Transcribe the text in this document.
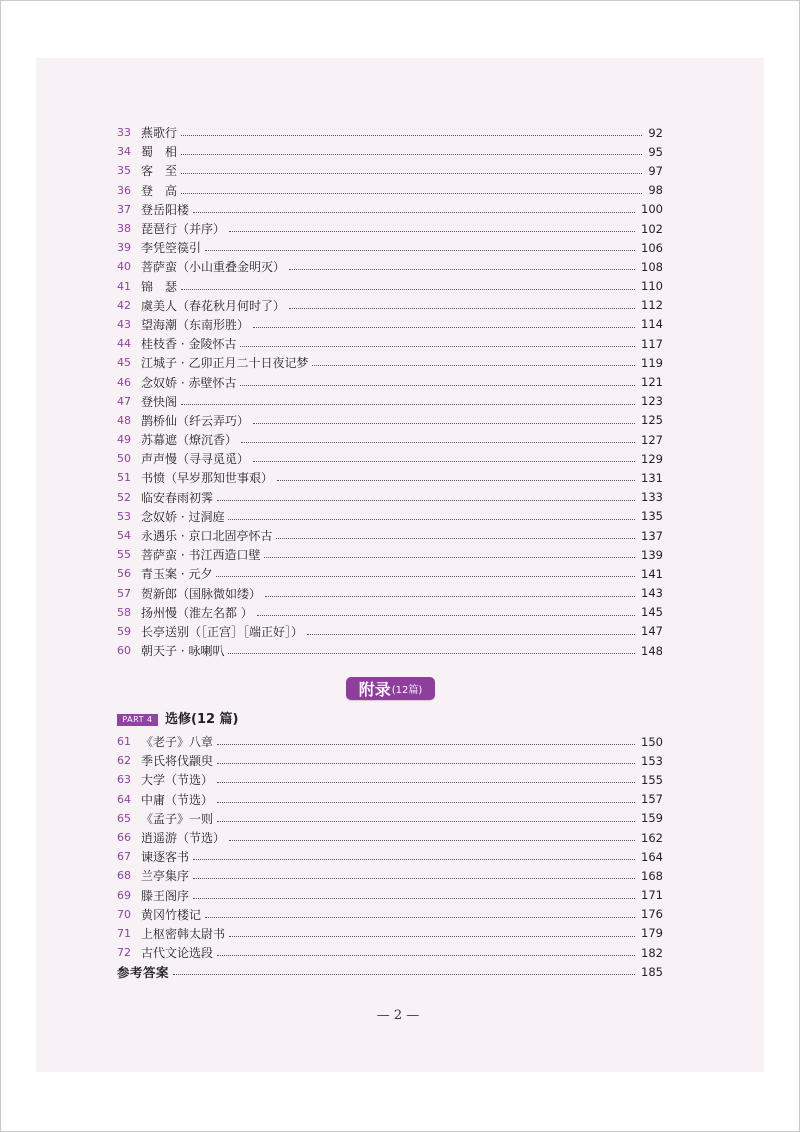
33 燕歌行	92
34 蜀　相	95
35 客　至	97
36 登　高	98
37 登岳阳楼	100
38 琵琶行（并序）	102
39 李凭箜篌引	106
40 菩萨蛮（小山重叠金明灭）	108
41 锦　瑟	110
42 虞美人（春花秋月何时了）	112
43 望海潮（东南形胜）	114
44 桂枝香 · 金陵怀古	117
45 江城子 · 乙卯正月二十日夜记梦	119
46 念奴娇 · 赤壁怀古	121
47 登快阁	123
48 鹊桥仙（纤云弄巧）	125
49 苏幕遮（燎沉香）	127
50 声声慢（寻寻觅觅）	129
51 书愤（早岁那知世事艰）	131
52 临安春雨初霁	133
53 念奴娇 · 过洞庭	135
54 永遇乐 · 京口北固亭怀古	137
55 菩萨蛮 · 书江西造口壁	139
56 青玉案 · 元夕	141
57 贺新郎（国脉微如缕）	143
58 扬州慢（淮左名都 ）	145
59 长亭送别（［正宫］［端正好］）	147
60 朝天子 · 咏喇叭	148
附录 (12篇)
PART 4 选修(12 篇)
61 《老子》八章	150
62 季氏将伐颛臾	153
63 大学（节选）	155
64 中庸（节选）	157
65 《孟子》一则	159
66 逍遥游（节选）	162
67 谏逐客书	164
68 兰亭集序	168
69 滕王阁序	171
70 黄冈竹楼记	176
71 上枢密韩太尉书	179
72 古代文论选段	182
参考答案	185
— 2 —
